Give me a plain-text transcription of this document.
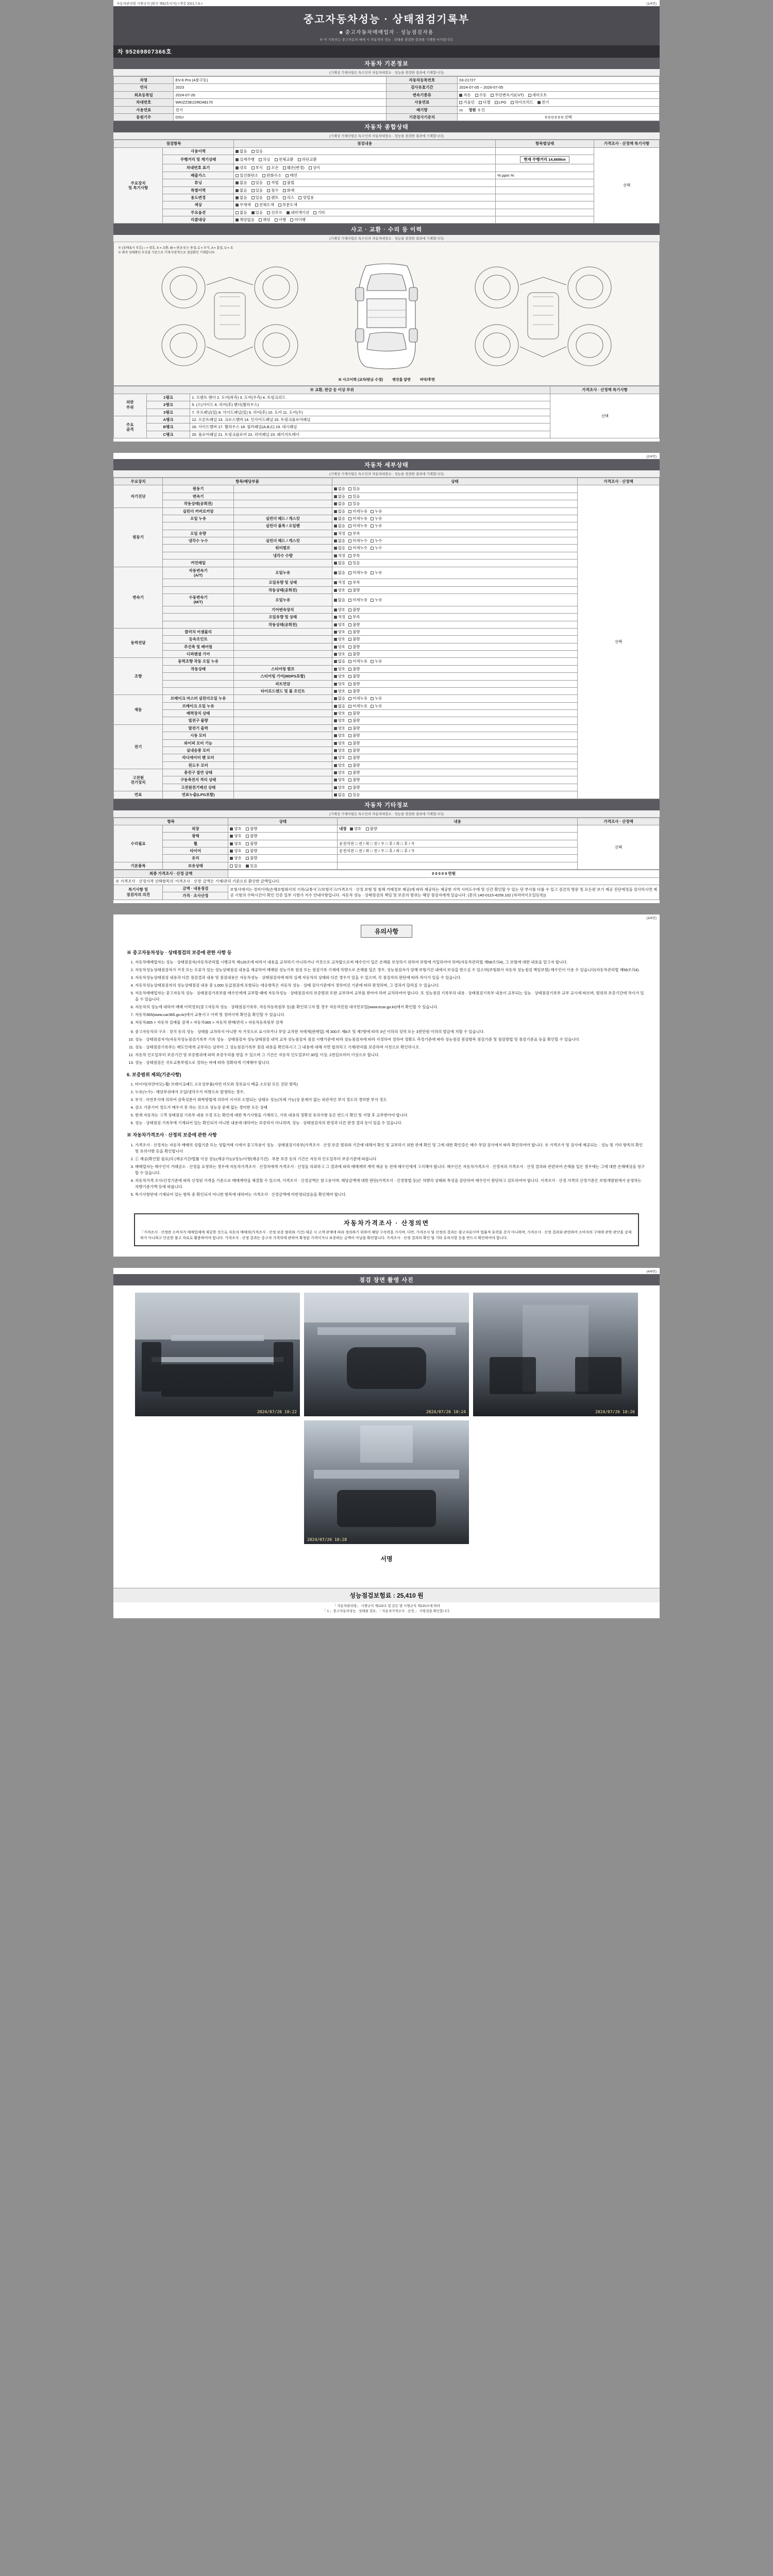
자동차관리법 시행규칙 [별지 제82호서식] <개정 2021.7.6.>	(1/4면)
중고자동차성능 · 상태점검기록부
■ 중고자동차매매업자 · 성능점검자용
※ 이 기록부는 중고자동차 매매 시 자동차의 성능 · 상태를 점검한 결과를 기재한 서식입니다.
차 95269807366호
자동차 기본정보
(기재상 기재사항은 특수인의 자동차대장소 · 성능을 점검한 결과에 기재합니다)
차명	EV-6 Pro (4륜구동)	자동차등록번호	03-21727
연식	2023	검사유효기간	2024-07-05 ~ 2026-07-05
최초등록일	2024-07-26	변속기종류	자동 수동 무단변속기(CVT) 세미오토
차대번호	WKIZZ3E22RD48170	사용연료	가솔린 디젤 LPG 하이브리드 전기
사용연료	전기	배기량	cc 정원 5 인
동원기주	DSU	기관검사기준치	0 0 0 0 0 0 선택
자동차 종합상태
(기재상 기재사항은 특수인의 자동차대장소 · 성능을 점검한 결과에 기재합니다)
점검항목		점검내용	항목별상태	가격조사 · 산정액 특기사항
주요장치
및 특기사항	사용이력	없음 있음		선택
	주행거리 및 계기상태	실제주행 의심 전체교환 하단교환	현재 주행거리 14,669km	
	차대번호 표기	양호 부식 오손 훼손(변경) 상이		
	배출가스	일산화탄소 탄화수소 매연	% ppm %	
	튜닝	없음 있음 적법 불법		
	특별이력	없음 있음 침수 화재		
	용도변경	없음 있음 렌트 리스 영업용		
	색상	무채색 전체도색 부분도색		
	주요옵션	없음 있음 선루프 내비게이션 기타		
	리콜대상	해당없음 해당 이행 미이행		
사고 · 교환 · 수리 등 이력
(기재상 기재사항은 특수인의 자동차대장소 · 성능을 점검한 결과에 기재합니다)
※ (상태표시 부호) ○ = 양호, X = 교환, W = 판금 또는 용접, C = 부식, A = 흠집, U = 요
※ 좌측 상태확인 부호를 기준으로 기재 부분적으로 점검확인 기재합니다
※ 사고이력 (교차/판금 수정)	엔진룸 앞면	바닥/후면
※ 교환, 판금 등 이상 부위			가격조사 · 산정액 특기사항
외판
부위	1랭크	1. 프렌트 팬더 2. 도어(좌측) 3. 도어(우측) 4. 트렁크리드	선택
	2랭크	5. (으)사이드 6. 리어(후) 펜더(휠하우스)	
	3랭크	7. 루프패널(일) 8. 사이드패널(일) 9. 리어(후) 10. 도어 11. 도어(우)	
주요
골격	A랭크	12. 프론트패널 13. 크로스멤버 14. 인사이드패널 15. 트렁크플로어패널	
	B랭크	16. 사이드멤버 17. 휠하우스 18. 필러패널(A,B,C) 19. 대시패널	
	C랭크	20. 플로어패널 21. 트렁크플로어 22. 리어패널 23. 패키지트레이	
(2/4면)
자동차 세부상태
(기재상 기재사항은 특수인의 자동차대장소 · 성능을 점검한 결과에 기재합니다)
주요장치	항목/해당부품		상태	가격조사 · 산정액
자기진단	원동기		없음 있음	선택
	변속기		없음 있음	
	작동상태(공회전)		없음 있음	
원동기	실린더 커버로커암		없음 미세누유 누유	
	오일 누유	실린더 헤드 / 개스킷	없음 미세누유 누유	
		실린더 블록 / 오일팬	없음 미세누유 누유	
	오일 유량		적정 부족	
	냉각수 누수	실린더 헤드 / 개스킷	없음 미세누수 누수	
		워터펌프	없음 미세누수 누수	
		냉각수 수량	적정 부족	
	커먼레일		없음 있음	
변속기	자동변속기
(A/T)	오일누유	없음 미세누유 누유	
		오일유량 및 상태	적정 부족	
		작동상태(공회전)	양호 불량	
	수동변속기
(M/T)	오일누유	없음 미세누유 누유	
		기어변속장치	양호 불량	
		오일유량 및 상태	적정 부족	
		작동상태(공회전)	양호 불량	
동력전달	클러치 어셈블리		양호 불량	
	등속조인트		양호 불량	
	추진축 및 베어링		양호 불량	
	디퍼렌셜 기어		양호 불량	
조향	동력조향 작동 오일 누유		없음 미세누유 누유	
	작동상태	스티어링 펌프	양호 불량	
		스티어링 기어(MDPS포함)	양호 불량	
		피트먼암	양호 불량	
		타이로드엔드 및 볼 조인트	양호 불량	
제동	브레이크 마스터 실린더오일 누유		없음 미세누유 누유	
	브레이크 오일 누유		없음 미세누유 누유	
	배력장치 상태		양호 불량	
	빌전구 불량		양호 불량	
전기	발전기 출력		양호 불량	
	시동 모터		양호 불량	
	와이퍼 모터 기능		양호 불량	
	실내송풍 모터		양호 불량	
	라디에이터 팬 모터		양호 불량	
	윈도우 모터		양호 불량	
고전원
전기장치	충전구 절연 상태		양호 불량	
	구동축전지 격리 상태		양호 불량	
	고전원전기배선 상태		양호 불량	
연료	연료누출(LPG포함)		없음 있음	
자동차 기타정보
(기재상 기재사항은 특수인의 자동차대장소 · 성능을 점검한 결과에 기재합니다)
항목		상태	내용	가격조사 · 산정액
수리필요	외장	양호 불량	내장 양호 불량	선택
	광택	양호 불량		
	휠	양호 불량	운전석전 □ 전 / 좌 □ 전 / 우 □ 후 / 좌 □ 후 / 우	
	타이어	양호 불량	운전석전 □ 전 / 좌 □ 전 / 우 □ 후 / 좌 □ 후 / 우	
	유리	양호 불량		
기본품목	보유상태	없음 있음		
최종 가격조사 · 산정 금액		0 0 0 0 0 만원
※ 가격조사 · 산정가격 선택항목의 '가격조사 · 산정' 금액은 기재/관리 기준으로 환산한 금액입니다.		
특기사항 및
점검자의 의견	금액 · 내용점검	보험사에서는 정비이력(손해보험회사의 기록/교통사고/보험사고/가격조사 · 산정 보험 및 침해 거래정보 제공)에 따라 제공하는 제공한 지역 시비도수에 및 신간 확인할 수 있는 단 부사를 다룰 수 있고 검건의 방문 및 모든편 보기 제공 진단에정을 검사하시면 제공 시험의 수탁시간이 확인 인증 일부 시험가 지수 안내사항입니다. 자동차 성능 · 상태점검의 책임 및 보증의 범위는 해당 점검자에게 있습니다. (문의 140-0115-4259.102 (자리마이오일등록))
	가격 · 조사산정	
(3/4면)
유의사항
※ 중고자동차성능 · 상태점검의 보증에 관한 사항 등
1. 자동차매매업자는 성능 · 상태점검자(자동차관리법 시행규칙 제120조에 따라서 내용을 교차하기 아니하거나 거짓으로 교차합으로써 매수인이 입은 손해를 보상하기 위하여 보험에 가입하여야 하며(자동차관리법 제58조의4), 그 보험에 대한 내용을 알고자 합니다.
2. 자동차성능상태점검자가 거짓 또는 오류가 있는 성능상태점검 내용을 제공하여 매매된 성능기록 점검 또는 점검기록 기재에 차량으로 손해를 입은 경우, 성능점검자가 당해 보험기간 내에서 보상을 받으실 수 있으며(보험회사 자동차 성능점검 책임보험) 매수인이 이용 수 있습니다(자동차관리법 제58조의4).
3. 자동차성능상태점검 내용과 다른 점검결과 내용 및 점검내용은 자동차성능 · 상태점검자에 따라 실제 자동차의 상태와 다른 경우가 있을 수 있으며, 각 점검자의 판단에 따라 차이가 있을 수 있습니다.
4. 자동차성능상태점검자의 성능상태점검 내용 중 1,000 등급점검에 포함되는 대응항목은 자동차 성능 · 상태 검사기준에서 정하여진 기준에 따라 판정하며, 그 결과가 달라질 수 있습니다.
5. 자동차매매업자는 중고자동차 성능 · 상태점검기록부를 매수인에게 교부할 때에 자동차성능 · 상태점검자의 보증범위 또한 교부하여 교부를 받아야 하며 교차하여야 합니다. 또 성능점검 기록부의 내용 · 상태점검기록부 내용이 교부되는 성능 · 상태점검기록부 교부 교시에 따르며, 범위의 보증기간에 차이가 있을 수 있습니다.
6. 자동차의 성능에 대하여 매매 이력정보(중고자동차 성능 · 상태점검기록부, 자동차등록원부 등)를 확인하고자 할 경우 자동차민원 대국민포털(www.ecar.go.kr)에서 확인할 수 있습니다.
7. 자동차365(www.car365.go.kr)에서 교통사고 이력 및 정비이력 확인을 확인할 수 있습니다.
8. 자동차365 > 자동차 실매물 검색 > 자동차365 > 자동차 판매/관리 > 자동차등록원부 검색
9. 중고자동차의 구조 · 장치 등의 성능 · 상태를 교차하지 아니한 자 거짓으로 표시하거나 부당 교차한 자에게(판매업) 제 300조 제8조 및 제7항에 따라 3년 이하의 징역 또는 3천만원 이하의 벌금에 처할 수 있습니다.
10. 성능 · 상태점검자가(자동차성능점검기록부 기록 성능 · 상태점검자 성능상태점검 내역 교차 성능점검자 점검 시행기준에 따라 성능점검자에 따라 지정하여 정하여 정확도 측정기준에 따라 성능점검 점검항목 점검기준 및 점검방법 및 점검기준표 등을 확인할 수 있습니다.
11. 성능 · 상태점검기록부는 매도인에게 교부하는 날부터 그 성능점검기록부 점검 내용을 확인하시고 그 내용에 대해 서면 합의하고 기재/관리를 보증하며 사전으로 확인하시오.
12. 자동차 인도일부터 보증기간 및 보증범위에 따라 보증수리를 받을 수 있으며 그 기간은 자동차 인도일부터 30일 이상, 2천킬로미터 이상으로 합니다.
13. 성능 · 상태점검은 국토교통부령으로 정하는 바에 따라 정확하게 기재해야 합니다.
6. 보증범위 제외(기준사항)
1. 타이어(자연마모)-휠/ 브레이크패드 소모성부품(자연 마모와 정유표시 배출 소모된 모든 진단 항목)
2. 누유(누수) - 해당부위에서 오일/냉각수가 미량으로 발생하는 경우,
3. 부식 : 자연부식에 의하여 감축성분이 화학방법에 의하여 서서히 소멸되는 상태로 성능(차체 기능)상 문제가 없는 외관적인 부식 정도의 경미한 부식 정도
4. 감소 기준기어 정도가 매우지 못 하는 것으로 성능상 문제 없는 경미한 모든 상태
5. 현재 자동차는 고객 상태점검 기록부 내용 수정 또는 확인에 대한 특기사항을 기재하고, 기록 내용의 정확성 유의사항 등은 반드시 확인 및 서명 후 교부받아야 합니다.
6. 성능 · 상태점검 기록부에 기재되어 있는 확인되지 아니한 내용에 대하여는 보증하지 아니하며, 성능 · 상태점검자의 판정과 다른 판정 결과 등이 있을 수 있습니다.
※ 자동차가격조사 · 산정의 보증에 관한 사항
1. 가격조사 · 산정자는 자동차 매매의 성립기준 또는 성립거래 시에서 중고차용이 성능 · 상태점검기록부(가격조사 · 산정 보증 범위와 기간에 대해서 확인 및 교부하기 위한 관계 확인 및 그에 대한 확인증은 매수 부담 검사에서 따라 확인하여야 합니다. ※ 가격조사 및 검사에 제공되는 · 성능 및 기타 항목의 확인 및 유의사항 등을 확인합니다
2. ① 제공(확인할 필요)의 (제공기간/법률 이상 성능(제공가능)/성능/사항(제공기간) · 부분 보증 등의 기간은 자동차 인도일부터 보증기준에 따릅니다
3. 매매업자는 매수인이 거래금소 · 산정을 요청하는 경우에 자동차가격조사 · 산정자에게 가격조사 · 산정을 의뢰하고 그 결과에 따라 매매계약 계약 제공 등 전에 매수인에게 고지해야 합니다. 매수인은 자동차가격조사 · 산정자의 가격조사 · 산정 결과와 관련하여 손해를 입은 경우에는 그에 대한 손해배상을 청구할 수 있습니다.
4. 자동차가격 조사/산정기준에 따라 산정된 가격을 기준으로 매매계약을 체결할 수 있으며, 가격조사 · 산정금액은 참고용이며, 해당금액에 대한 판단(가격조사 · 산정방법 등)은 차량의 상태와 특성을 감안하여 매수인이 판단하고 검토하여야 합니다. 가격조사 · 산정 가격의 산정기준은 보험개발원에서 운영하는 차량기준가액 등에 따릅니다.
5. 특기사항란에 기재되어 있는 항목 중 확인되지 아니한 항목에 대하여는 가격조사 · 산정금액에 미반영되었음을 확인해야 합니다.
자동차가격조사 · 산정의면
「가격조사 · 산정란 소비자가 매매업체에 제공한 것으로 자동차 매매의(가격조사 · 산정 보증 범위와 기간) 제공 시 고객 판매에 따라 정의하기 위하여 해당 구속력을 가지며, 다만, 가격조사 및 산정의 결과는 참고자료이며 법률적 효력을 갖지 아니하며, 가격조사 · 산정 결과와 관련하여 소비자의 구매에 관한 판단을 강제하지 아니하고 단순한 참고 자료로 활용하여야 합니다. 가격조사 · 산정 결과는 중고차 가격의에 관하여 확정된 가격이거나 보증하는 금액이 아님을 확인합니다. 가격조사 · 산정 결과의 확인 및 기타 유의사항 등을 반드시 확인하여야 합니다.
(4/4면)
점검 장면 촬영 사진
2024/07/26 10:22	2024/07/26 10:24	2024/07/26 10:26
2024/07/26 10:28
서명
성능점검보험료 : 25,410 원
「 자동차관리법」 시행규칙 제120조 및 같은 법 시행규칙 제120조에 따라
「 1 」중고자동차성능 · 상태를 검토, 「 자동차가격조사 · 산정 」 사항검을 확인합니다.
